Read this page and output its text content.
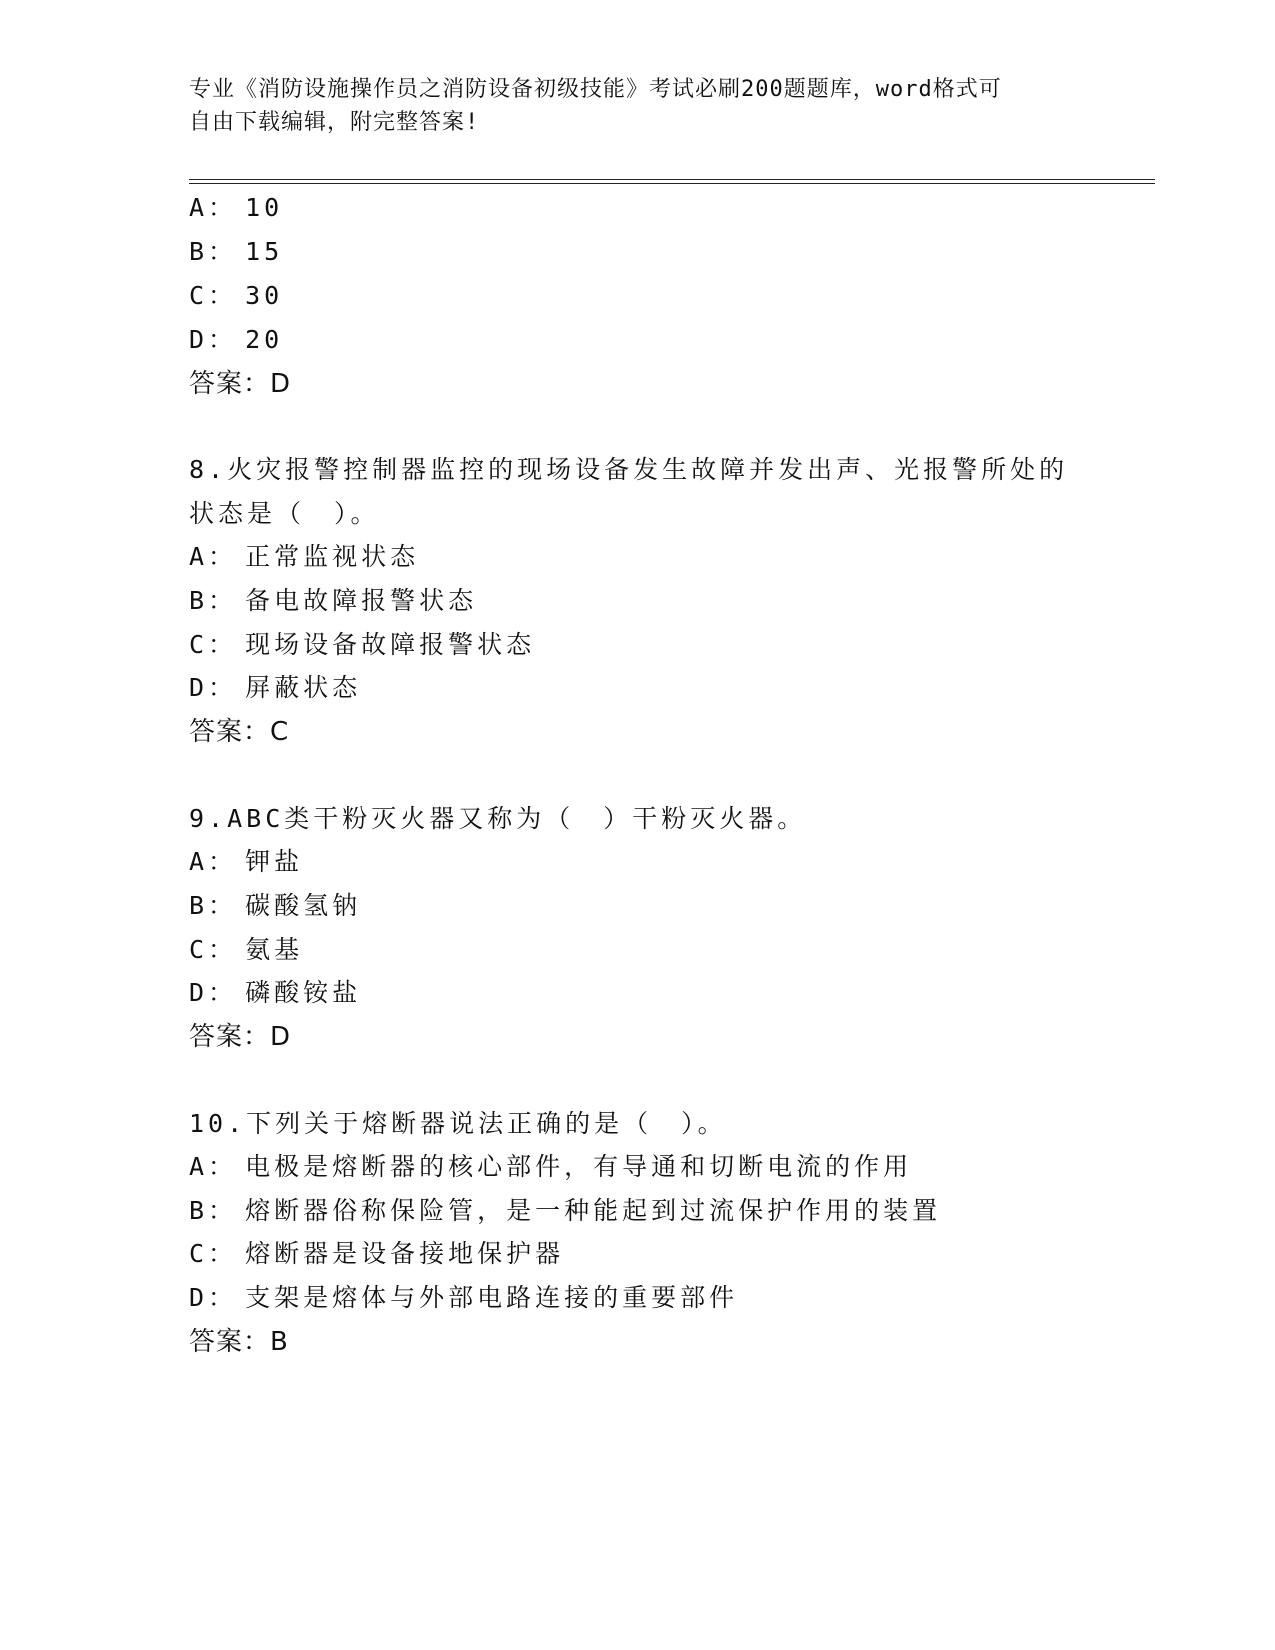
专业《消防设施操作员之消防设备初级技能》考试必刷200题题库，word格式可
自由下载编辑，附完整答案!
A： 10
B： 15
C： 30
D： 20
答案：D
8.火灾报警控制器监控的现场设备发生故障并发出声、光报警所处的
状态是（　）。
A： 正常监视状态
B： 备电故障报警状态
C： 现场设备故障报警状态
D： 屏蔽状态
答案：C
9.ABC类干粉灭火器又称为（　）干粉灭火器。
A： 钾盐
B： 碳酸氢钠
C： 氨基
D： 磷酸铵盐
答案：D
10.下列关于熔断器说法正确的是（　）。
A： 电极是熔断器的核心部件，有导通和切断电流的作用
B： 熔断器俗称保险管，是一种能起到过流保护作用的装置
C： 熔断器是设备接地保护器
D： 支架是熔体与外部电路连接的重要部件
答案：B
